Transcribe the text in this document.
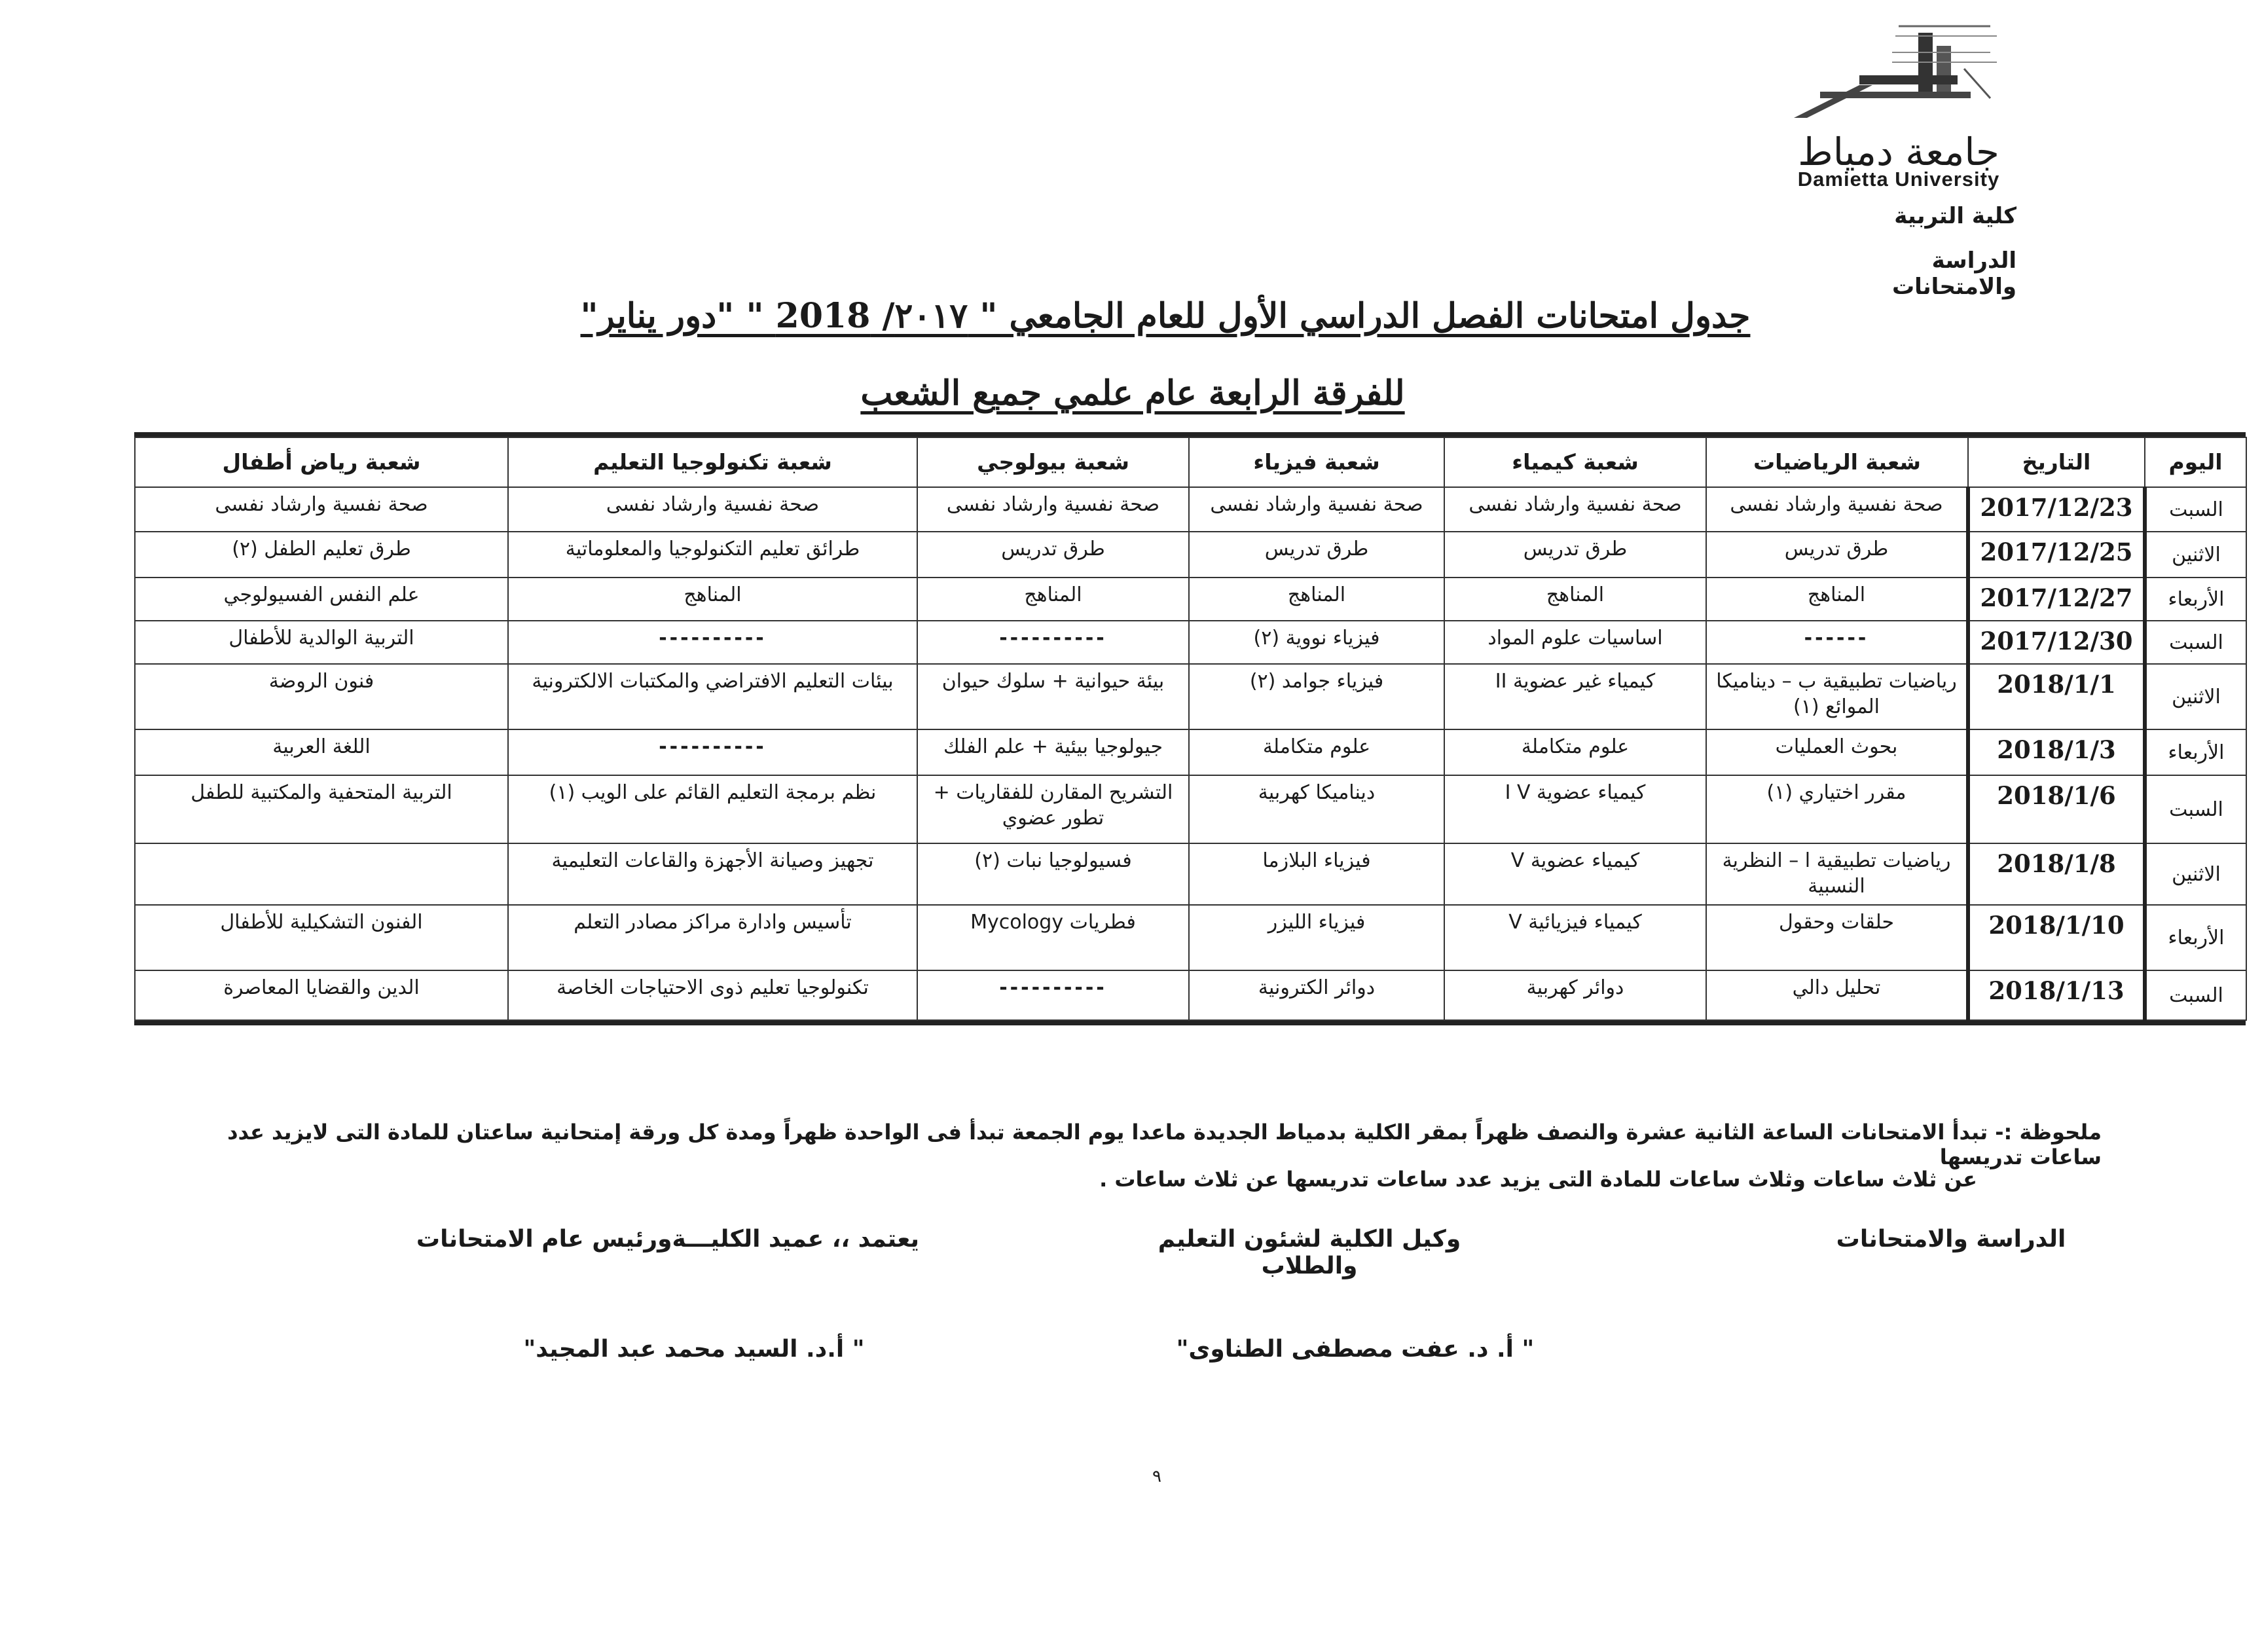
جامعة دمياط
Damietta University
كلية التربية
الدراسة والامتحانات
جدول امتحانات الفصل الدراسي الأول للعام الجامعي " ٢٠١٧/ 2018 " "دور يناير"
للفرقة الرابعة عام علمي جميع الشعب
اليوم	التاريخ	شعبة الرياضيات	شعبة كيمياء	شعبة فيزياء	شعبة بيولوجي	شعبة تكنولوجيا التعليم	شعبة رياض أطفال
السبت	2017/12/23	صحة نفسية وارشاد نفسى	صحة نفسية وارشاد نفسى	صحة نفسية وارشاد نفسى	صحة نفسية وارشاد نفسى	صحة نفسية وارشاد نفسى	صحة نفسية وارشاد نفسى
الاثنين	2017/12/25	طرق تدريس	طرق تدريس	طرق تدريس	طرق تدريس	طرائق تعليم التكنولوجيا والمعلوماتية	طرق تعليم الطفل (٢)
الأربعاء	2017/12/27	المناهج	المناهج	المناهج	المناهج	المناهج	علم النفس الفسيولوجي
السبت	2017/12/30	------	اساسيات علوم المواد	فيزياء نووية (٢)	----------	----------	التربية الوالدية للأطفال
الاثنين	2018/1/1	رياضيات تطبيقية ب – ديناميكا الموائع (١)	كيمياء غير عضوية II	فيزياء جوامد (٢)	بيئة حيوانية + سلوك حيوان	بيئات التعليم الافتراضي والمكتبات الالكترونية	فنون الروضة
الأربعاء	2018/1/3	بحوث العمليات	علوم متكاملة	علوم متكاملة	جيولوجيا بيئية + علم الفلك	----------	اللغة العربية
السبت	2018/1/6	مقرر اختياري (١)	كيمياء عضوية I V	ديناميكا كهربية	التشريح المقارن للفقاريات + تطور عضوي	نظم برمجة التعليم القائم على الويب (١)	التربية المتحفية والمكتبية للطفل
الاثنين	2018/1/8	رياضيات تطبيقية ا – النظرية النسبية	كيمياء عضوية V	فيزياء البلازما	فسيولوجيا نبات (٢)	تجهيز وصيانة الأجهزة والقاعات التعليمية	
الأربعاء	2018/1/10	حلقات وحقول	كيمياء فيزيائية V	فيزياء الليزر	فطريات Mycology	تأسيس وادارة مراكز مصادر التعلم	الفنون التشكيلية للأطفال
السبت	2018/1/13	تحليل دالي	دوائر كهربية	دوائر الكترونية	----------	تكنولوجيا تعليم ذوى الاحتياجات الخاصة	الدين والقضايا المعاصرة
ملحوظة :- تبدأ الامتحانات الساعة الثانية عشرة والنصف ظهراً بمقر الكلية بدمياط الجديدة ماعدا يوم الجمعة تبدأ فى الواحدة ظهراً ومدة كل ورقة إمتحانية ساعتان للمادة التى لايزيد عدد ساعات تدريسها
عن ثلاث ساعات وثلاث ساعات للمادة التى يزيد عدد ساعات تدريسها عن ثلاث ساعات .
الدراسة والامتحانات
وكيل الكلية لشئون التعليم والطلاب
يعتمد ،، عميد الكليـــةورئيس عام الامتحانات
" أ. د. عفت مصطفى الطناوى"
" أ.د. السيد محمد عبد المجيد"
٩
